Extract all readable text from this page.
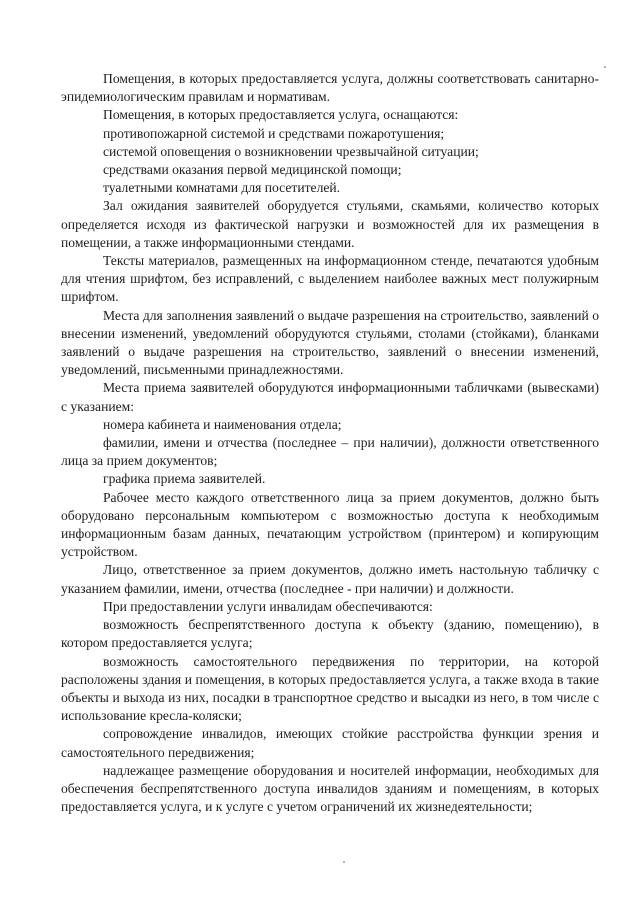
Помещения, в которых предоставляется услуга, должны соответствовать санитарно-эпидемиологическим правилам и нормативам.

Помещения, в которых предоставляется услуга, оснащаются:

противопожарной системой и средствами пожаротушения;

системой оповещения о возникновении чрезвычайной ситуации;

средствами оказания первой медицинской помощи;

туалетными комнатами для посетителей.

Зал ожидания заявителей оборудуется стульями, скамьями, количество которых определяется исходя из фактической нагрузки и возможностей для их размещения в помещении, а также информационными стендами.

Тексты материалов, размещенных на информационном стенде, печатаются удобным для чтения шрифтом, без исправлений, с выделением наиболее важных мест полужирным шрифтом.

Места для заполнения заявлений о выдаче разрешения на строительство, заявлений о внесении изменений, уведомлений оборудуются стульями, столами (стойками), бланками заявлений о выдаче разрешения на строительство, заявлений о внесении изменений, уведомлений, письменными принадлежностями.

Места приема заявителей оборудуются информационными табличками (вывесками) с указанием:

номера кабинета и наименования отдела;

фамилии, имени и отчества (последнее – при наличии), должности ответственного лица за прием документов;

графика приема заявителей.

Рабочее место каждого ответственного лица за прием документов, должно быть оборудовано персональным компьютером с возможностью доступа к необходимым информационным базам данных, печатающим устройством (принтером) и копирующим устройством.

Лицо, ответственное за прием документов, должно иметь настольную табличку с указанием фамилии, имени, отчества (последнее - при наличии) и должности.

При предоставлении услуги инвалидам обеспечиваются:

возможность беспрепятственного доступа к объекту (зданию, помещению), в котором предоставляется услуга;

возможность самостоятельного передвижения по территории, на которой расположены здания и помещения, в которых предоставляется услуга, а также входа в такие объекты и выхода из них, посадки в транспортное средство и высадки из него, в том числе с использование кресла-коляски;

сопровождение инвалидов, имеющих стойкие расстройства функции зрения и самостоятельного передвижения;

надлежащее размещение оборудования и носителей информации, необходимых для обеспечения беспрепятственного доступа инвалидов зданиям и помещениям, в которых предоставляется услуга, и к услуге с учетом ограничений их жизнедеятельности;
